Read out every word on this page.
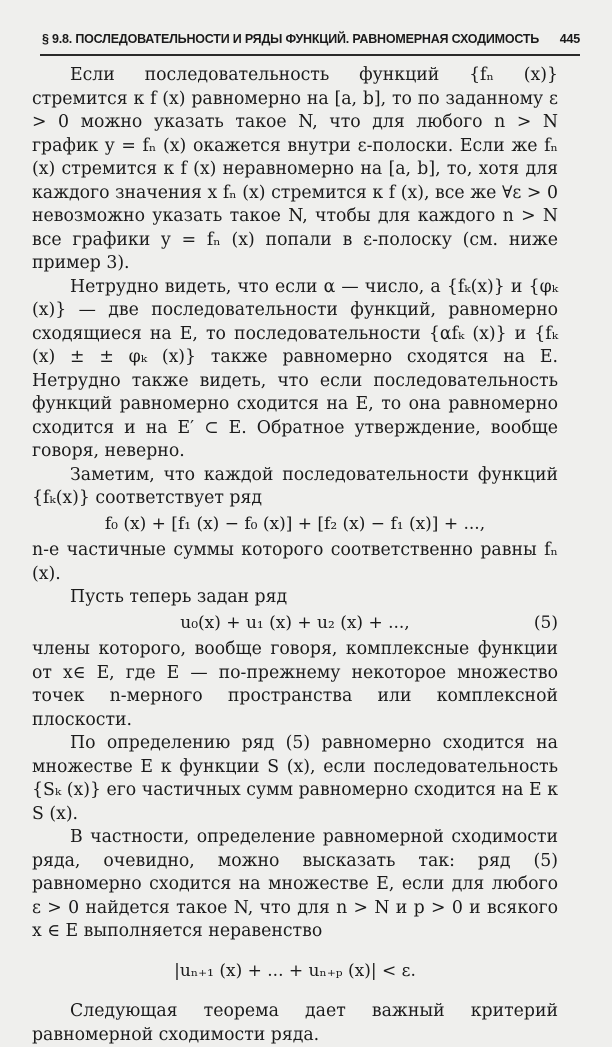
§ 9.8. ПОСЛЕДОВАТЕЛЬНОСТИ И РЯДЫ ФУНКЦИЙ. РАВНОМЕРНАЯ СХОДИМОСТЬ 445

Если последовательность функций {fₙ (x)} стремится к f (x) равномерно на [a, b], то по заданному ε > 0 можно указать такое N, что для любого n > N график y = fₙ (x) окажется внутри ε-полоски. Если же fₙ (x) стремится к f (x) неравномерно на [a, b], то, хотя для каждого значения x fₙ (x) стремится к f (x), все же ∀ε > 0 невозможно указать такое N, чтобы для каждого n > N все графики y = fₙ (x) попали в ε-полоску (см. ниже пример 3).

Нетрудно видеть, что если α — число, а {fₖ(x)} и {φₖ (x)} — две последовательности функций, равномерно сходящиеся на E, то последовательности {αfₖ (x)} и {fₖ (x) ± ± φₖ (x)} также равномерно сходятся на E. Нетрудно также видеть, что если последовательность функций равномерно сходится на E, то она равномерно сходится и на E′ ⊂ E. Обратное утверждение, вообще говоря, неверно.

Заметим, что каждой последовательности функций {fₖ(x)} соответствует ряд

f₀ (x) + [f₁ (x) − f₀ (x)] + [f₂ (x) − f₁ (x)] + ...,

n-е частичные суммы которого соответственно равны fₙ (x).

Пусть теперь задан ряд

u₀(x) + u₁ (x) + u₂ (x) + ...,	(5)

члены которого, вообще говоря, комплексные функции от x∈ E, где E — по-прежнему некоторое множество точек n-мерного пространства или комплексной плоскости.

По определению ряд (5) равномерно сходится на множестве E к функции S (x), если последовательность {Sₖ (x)} его частичных сумм равномерно сходится на E к S (x).

В частности, определение равномерной сходимости ряда, очевидно, можно высказать так: ряд (5) равномерно сходится на множестве E, если для любого ε > 0 найдется такое N, что для n > N и p > 0 и всякого x ∈ E выполняется неравенство

|uₙ₊₁ (x) + ... + uₙ₊ₚ (x)| < ε.

Следующая теорема дает важный критерий равномерной сходимости ряда.
